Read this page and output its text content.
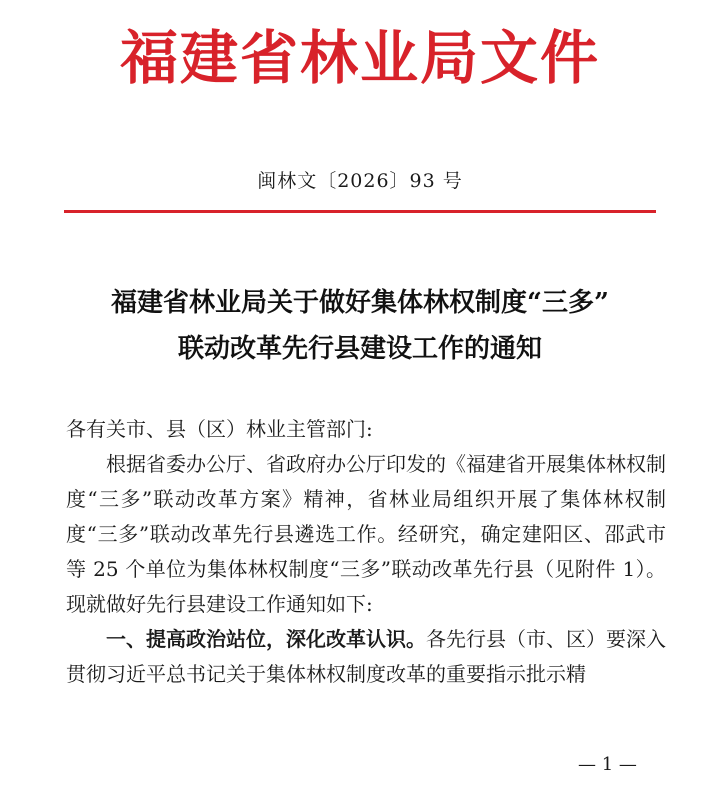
福建省林业局文件
闽林文〔2026〕93 号
福建省林业局关于做好集体林权制度“三多”
联动改革先行县建设工作的通知

各有关市、县（区）林业主管部门:

根据省委办公厅、省政府办公厅印发的《福建省开展集体林权制度“三多”联动改革方案》精神，省林业局组织开展了集体林权制度“三多”联动改革先行县遴选工作。经研究，确定建阳区、邵武市等 25 个单位为集体林权制度“三多”联动改革先行县（见附件 1）。现就做好先行县建设工作通知如下:

一、提高政治站位，深化改革认识。各先行县（市、区）要深入贯彻习近平总书记关于集体林权制度改革的重要指示批示精

— 1 —
